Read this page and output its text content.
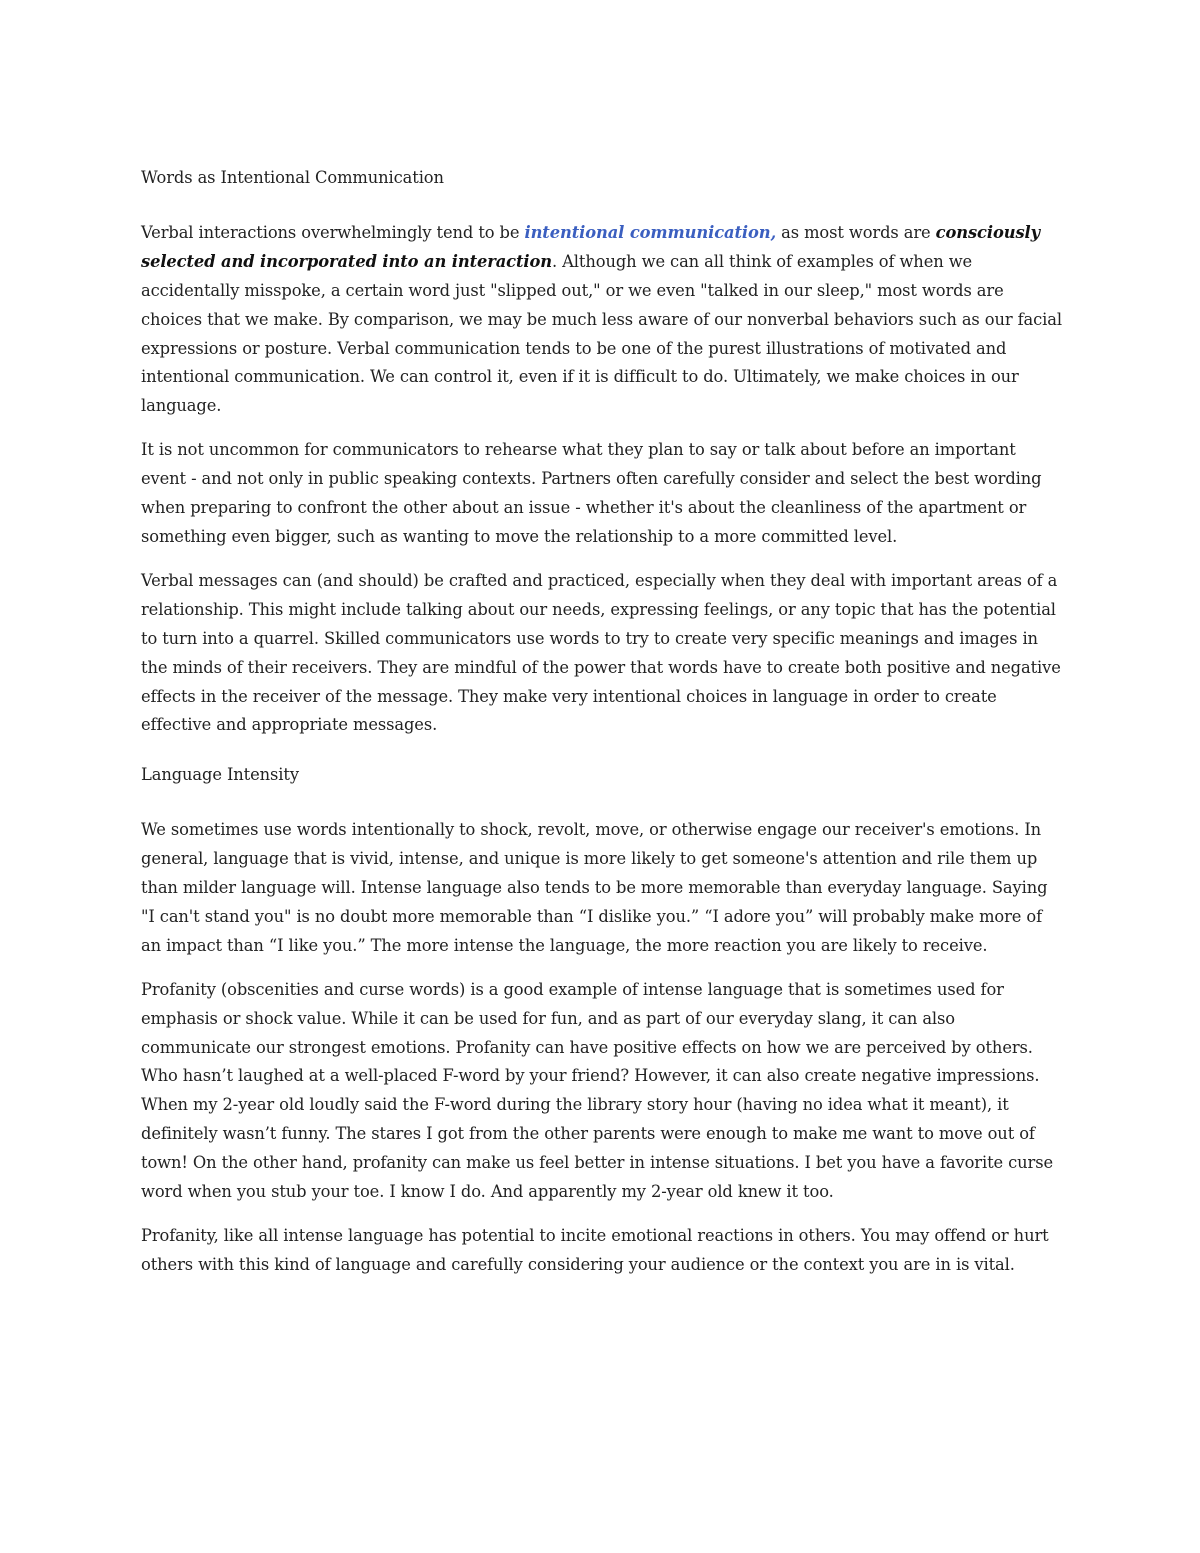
Words as Intentional Communication
Verbal interactions overwhelmingly tend to be intentional communication, as most words are consciously selected and incorporated into an interaction. Although we can all think of examples of when we accidentally misspoke, a certain word just "slipped out," or we even "talked in our sleep," most words are choices that we make. By comparison, we may be much less aware of our nonverbal behaviors such as our facial expressions or posture. Verbal communication tends to be one of the purest illustrations of motivated and intentional communication. We can control it, even if it is difficult to do. Ultimately, we make choices in our language.
It is not uncommon for communicators to rehearse what they plan to say or talk about before an important event - and not only in public speaking contexts. Partners often carefully consider and select the best wording when preparing to confront the other about an issue - whether it's about the cleanliness of the apartment or something even bigger, such as wanting to move the relationship to a more committed level.
Verbal messages can (and should) be crafted and practiced, especially when they deal with important areas of a relationship. This might include talking about our needs, expressing feelings, or any topic that has the potential to turn into a quarrel. Skilled communicators use words to try to create very specific meanings and images in the minds of their receivers. They are mindful of the power that words have to create both positive and negative effects in the receiver of the message. They make very intentional choices in language in order to create effective and appropriate messages.
Language Intensity
We sometimes use words intentionally to shock, revolt, move, or otherwise engage our receiver's emotions. In general, language that is vivid, intense, and unique is more likely to get someone's attention and rile them up than milder language will. Intense language also tends to be more memorable than everyday language. Saying "I can't stand you" is no doubt more memorable than “I dislike you.” “I adore you” will probably make more of an impact than “I like you.” The more intense the language, the more reaction you are likely to receive.
Profanity (obscenities and curse words) is a good example of intense language that is sometimes used for emphasis or shock value. While it can be used for fun, and as part of our everyday slang, it can also communicate our strongest emotions. Profanity can have positive effects on how we are perceived by others. Who hasn’t laughed at a well-placed F-word by your friend? However, it can also create negative impressions. When my 2-year old loudly said the F-word during the library story hour (having no idea what it meant), it definitely wasn’t funny. The stares I got from the other parents were enough to make me want to move out of town! On the other hand, profanity can make us feel better in intense situations. I bet you have a favorite curse word when you stub your toe. I know I do. And apparently my 2-year old knew it too.
Profanity, like all intense language has potential to incite emotional reactions in others. You may offend or hurt others with this kind of language and carefully considering your audience or the context you are in is vital.
